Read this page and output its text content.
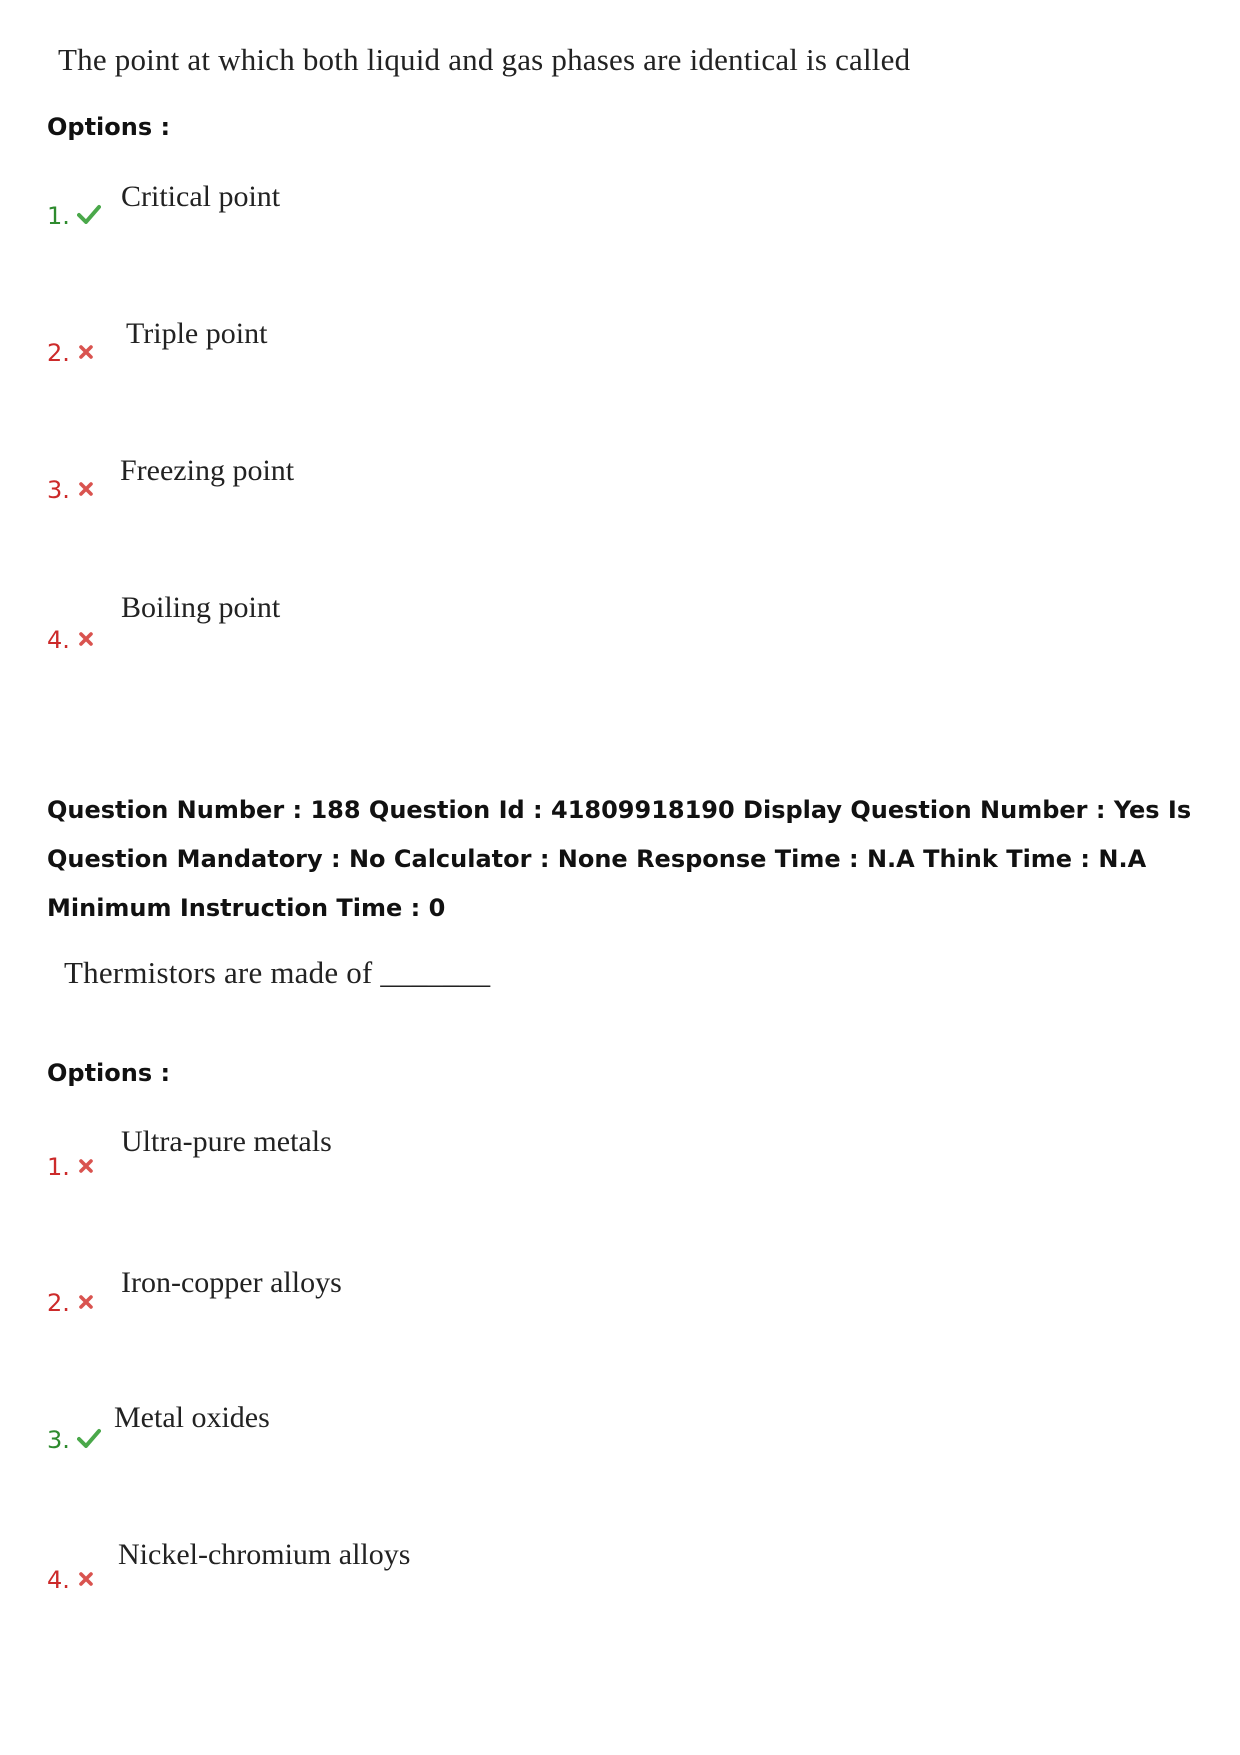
The point at which both liquid and gas phases are identical is called
Options :
1.
Critical point
2.
Triple point
3.
Freezing point
4.
Boiling point
Question Number : 188 Question Id : 41809918190 Display Question Number : Yes Is Question Mandatory : No Calculator : None Response Time : N.A Think Time : N.A Minimum Instruction Time : 0
Thermistors are made of _______
Options :
1.
Ultra-pure metals
2.
Iron-copper alloys
3.
Metal oxides
4.
Nickel-chromium alloys
